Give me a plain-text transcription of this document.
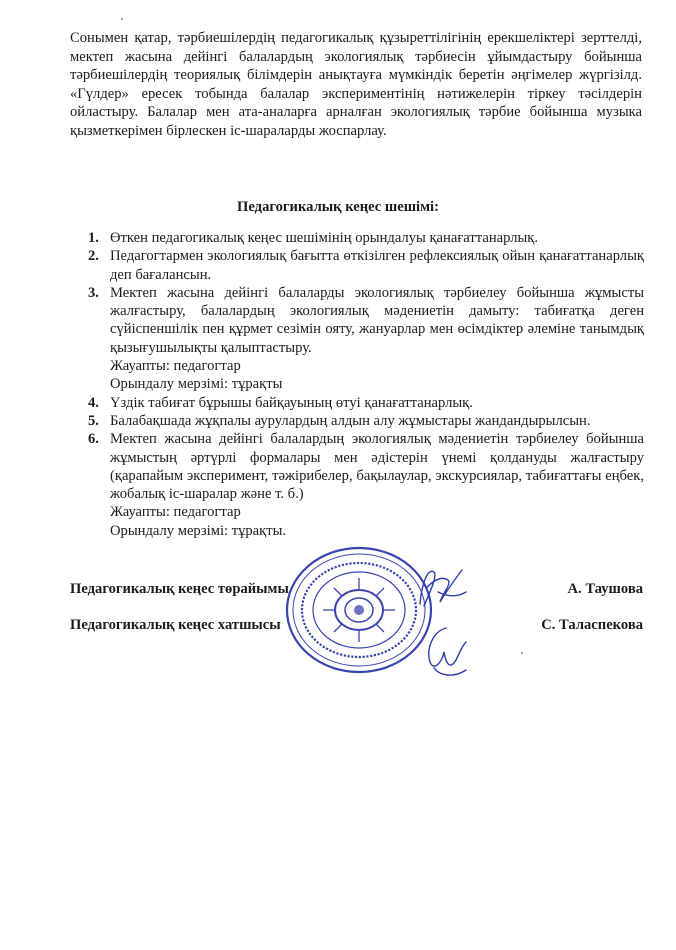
Сонымен қатар, тәрбиешілердің педагогикалық құзыреттілігінің ерекшеліктері зерттелді, мектеп жасына дейінгі балалардың экологиялық тәрбиесін ұйымдастыру бойынша тәрбиешілердің теориялық білімдерін анықтауға мүмкіндік беретін әңгімелер жүргізілд. «Гүлдер» ересек тобында балалар экспериментінің нәтижелерін тіркеу тәсілдерін ойластыру. Балалар мен ата-аналарға арналған экологиялық тәрбие бойынша музыка қызметкерімен бірлескен іс-шараларды жоспарлау.

Педагогикалық кеңес шешімі:
1. Өткен педагогикалық кеңес шешімінің орындалуы қанағаттанарлық.
2. Педагогтармен экологиялық бағытта өткізілген рефлексиялық ойын қанағаттанарлық деп бағалансын.
3. Мектеп жасына дейінгі балаларды экологиялық тәрбиелеу бойынша жұмысты жалғастыру, балалардың экологиялық мәдениетін дамыту: табиғатқа деген сүйіспеншілік пен құрмет сезімін ояту, жануарлар мен өсімдіктер әлеміне танымдық қызығушылықты қалыптастыру.
Жауапты: педагогтар
Орындалу мерзімі: тұрақты
4. Үздік табиғат бұрышы байқауының өтуі қанағаттанарлық.
5. Балабақшада жұқпалы аурулардың алдын алу жұмыстары жандандырылсын.
6. Мектеп жасына дейінгі балалардың экологиялық мәдениетін тәрбиелеу бойынша жұмыстың әртүрлі формалары мен әдістерін үнемі қолдануды жалғастыру (қарапайым эксперимент, тәжірибелер, бақылаулар, экскурсиялар, табиғаттағы еңбек, жобалық іс-шаралар және т. б.)
Жауапты: педагогтар
Орындалу мерзімі: тұрақты.
Педагогикалық кеңес төрайымы	А. Таушова
Педагогикалық кеңес хатшысы	С. Таласпекова
